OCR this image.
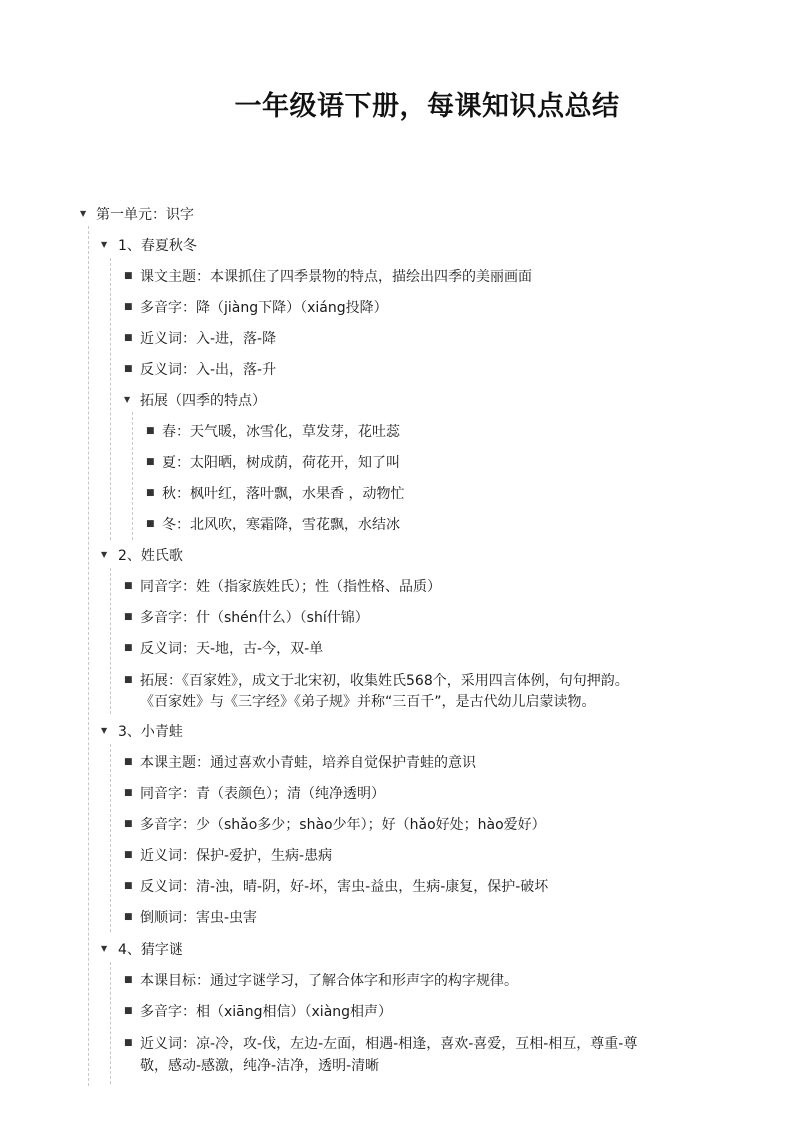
一年级语下册，每课知识点总结
▼ 第一单元：识字
▼ 1、春夏秋冬
■ 课文主题：本课抓住了四季景物的特点，描绘出四季的美丽画面
■ 多音字：降（jiàng下降）（xiáng投降）
■ 近义词：入-进，落-降
■ 反义词：入-出，落-升
▼ 拓展（四季的特点）
■ 春：天气暖，冰雪化，草发芽，花吐蕊
■ 夏：太阳晒，树成荫，荷花开，知了叫
■ 秋：枫叶红，落叶飘，水果香 ，动物忙
■ 冬：北风吹，寒霜降，雪花飘，水结冰
▼ 2、姓氏歌
■ 同音字：姓（指家族姓氏）；性（指性格、品质）
■ 多音字：什（shén什么）（shí什锦）
■ 反义词：天-地，古-今，双-单
■ 拓展：《百家姓》，成文于北宋初，收集姓氏568个，采用四言体例，句句押韵。
《百家姓》与《三字经》《弟子规》并称“三百千”，是古代幼儿启蒙读物。
▼ 3、小青蛙
■ 本课主题：通过喜欢小青蛙，培养自觉保护青蛙的意识
■ 同音字：青（表颜色）；清（纯净透明）
■ 多音字：少（shǎo多少；shào少年）；好（hǎo好处；hào爱好）
■ 近义词：保护-爱护，生病-患病
■ 反义词：清-浊，晴-阴，好-坏，害虫-益虫，生病-康复，保护-破坏
■ 倒顺词：害虫-虫害
▼ 4、猜字谜
■ 本课目标：通过字谜学习，了解合体字和形声字的构字规律。
■ 多音字：相（xiāng相信）（xiàng相声）
■ 近义词：凉-冷，攻-伐，左边-左面，相遇-相逢，喜欢-喜爱，互相-相互，尊重-尊
敬，感动-感激，纯净-洁净，透明-清晰
